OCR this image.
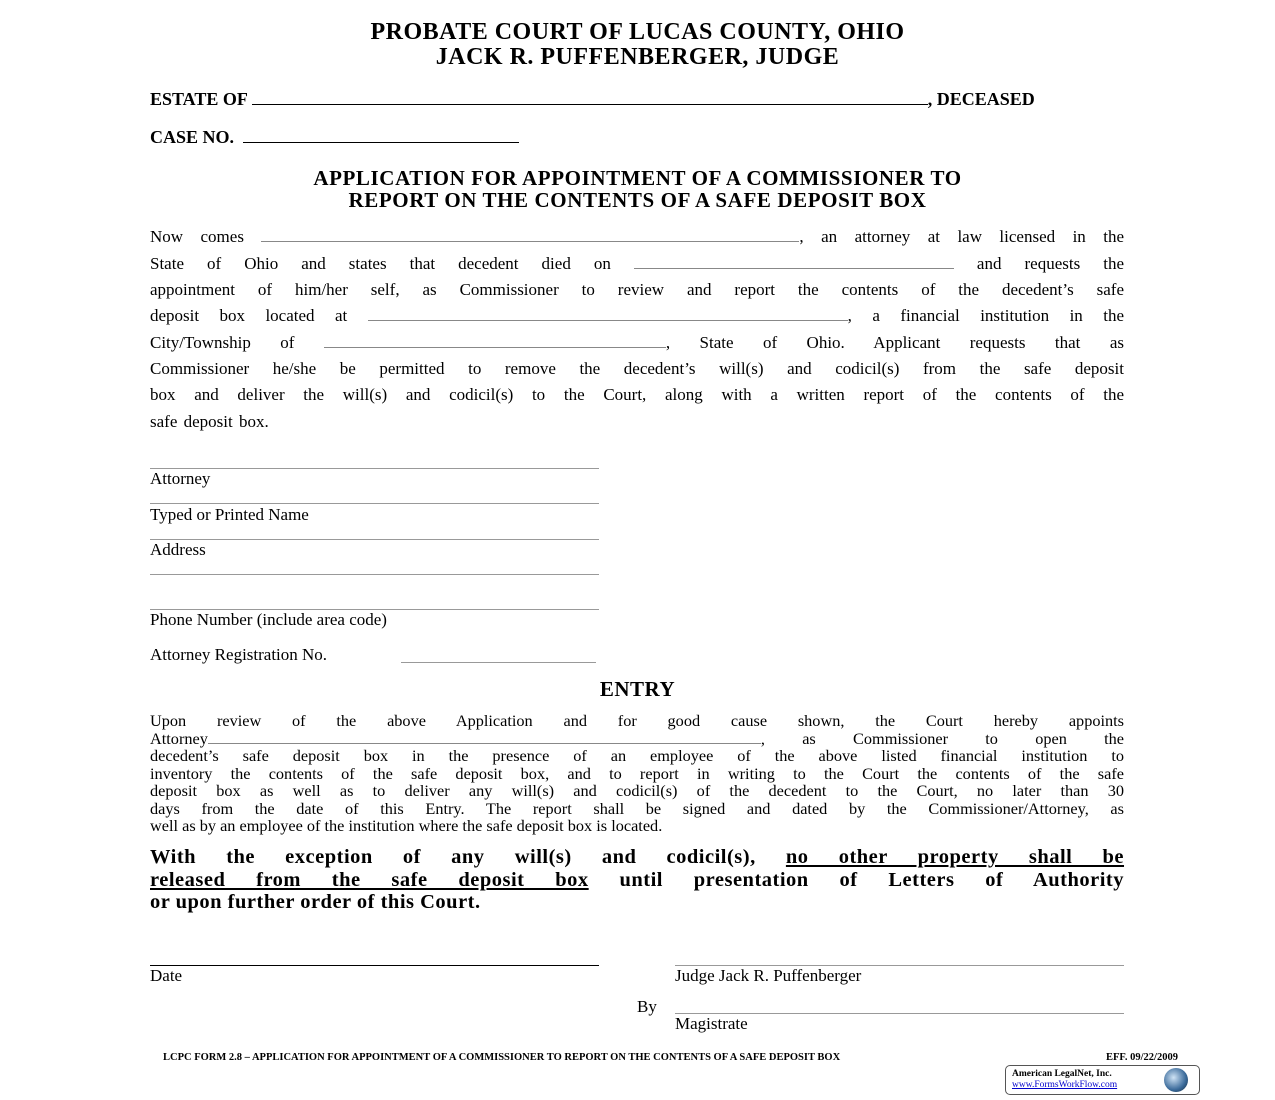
PROBATE COURT OF LUCAS COUNTY, OHIO
JACK R. PUFFENBERGER, JUDGE
ESTATE OF	, DECEASED
CASE NO.
APPLICATION FOR APPOINTMENT OF A COMMISSIONER TO
REPORT ON THE CONTENTS OF A SAFE DEPOSIT BOX
Now comes	, an attorney at law licensed in the
State of Ohio and states that decedent died on	and requests the
appointment of him/her self, as Commissioner to review and report the contents of the decedent’s safe
deposit box located at	, a financial institution in the
City/Township of	, State of Ohio. Applicant requests that as
Commissioner he/she be permitted to remove the decedent’s will(s) and codicil(s) from the safe deposit
box and deliver the will(s) and codicil(s) to the Court, along with a written report of the contents of the
safe deposit box.
Attorney
Typed or Printed Name
Address
Phone Number (include area code)
Attorney Registration No.
ENTRY
Upon review of the above Application and for good cause shown, the Court hereby appoints
Attorney	, as Commissioner to open the
decedent’s safe deposit box in the presence of an employee of the above listed financial institution to
inventory the contents of the safe deposit box, and to report in writing to the Court the contents of the safe
deposit box as well as to deliver any will(s) and codicil(s) of the decedent to the Court, no later than 30
days from the date of this Entry. The report shall be signed and dated by the Commissioner/Attorney, as
well as by an employee of the institution where the safe deposit box is located.
With the exception of any will(s) and codicil(s), no other property shall be
released from the safe deposit box until presentation of Letters of Authority
or upon further order of this Court.
Date	Judge Jack R. Puffenberger
By
Magistrate
LCPC FORM 2.8 – APPLICATION FOR APPOINTMENT OF A COMMISSIONER TO REPORT ON THE CONTENTS OF A SAFE DEPOSIT BOX	EFF. 09/22/2009
American LegalNet, Inc.
www.FormsWorkFlow.com
